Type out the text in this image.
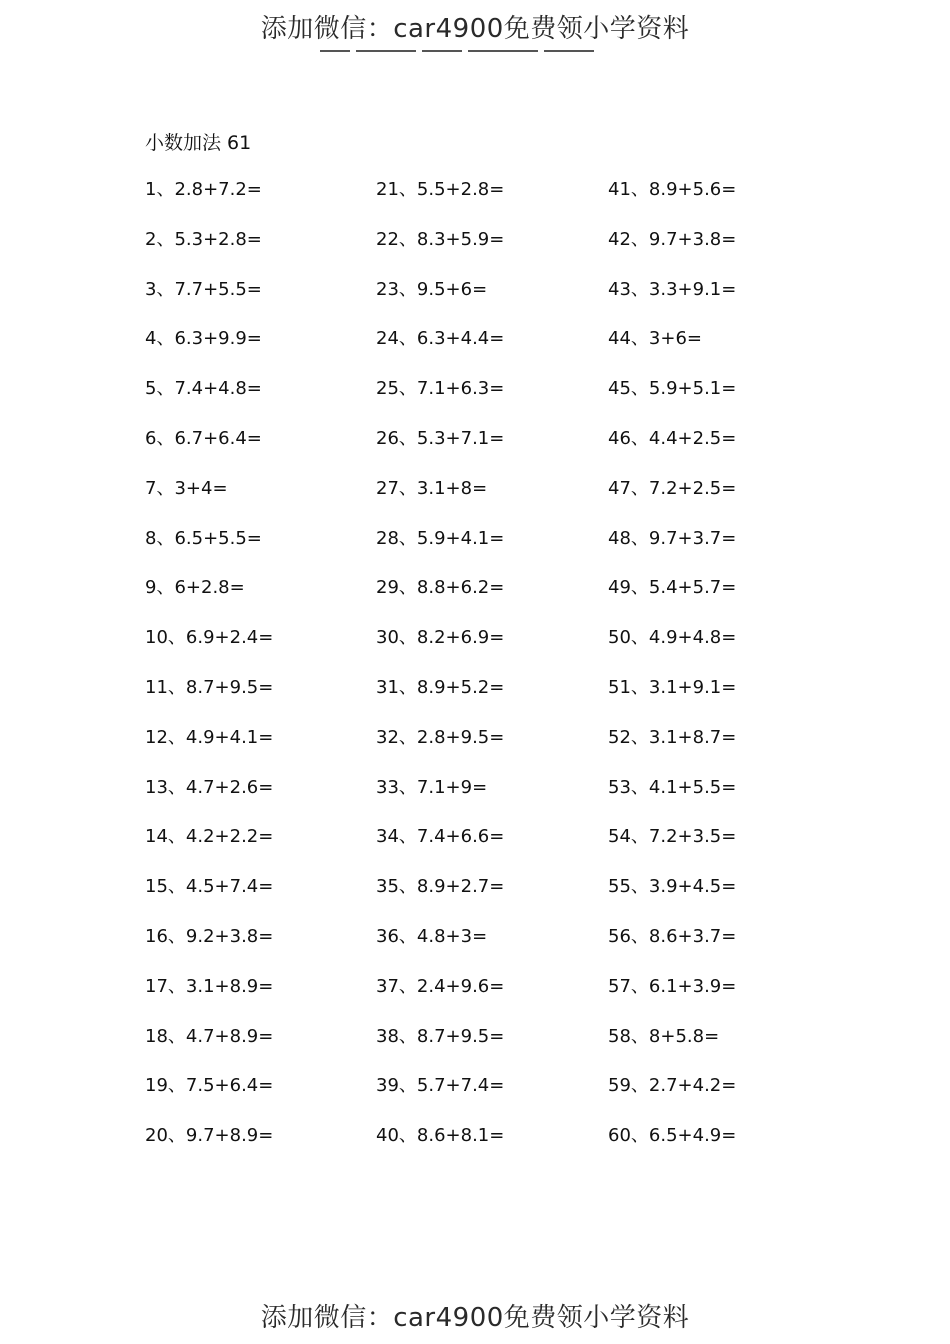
添加微信：car4900免费领小学资料
小数加法 61
1、2.8+7.2=
2、5.3+2.8=
3、7.7+5.5=
4、6.3+9.9=
5、7.4+4.8=
6、6.7+6.4=
7、3+4=
8、6.5+5.5=
9、6+2.8=
10、6.9+2.4=
11、8.7+9.5=
12、4.9+4.1=
13、4.7+2.6=
14、4.2+2.2=
15、4.5+7.4=
16、9.2+3.8=
17、3.1+8.9=
18、4.7+8.9=
19、7.5+6.4=
20、9.7+8.9=
21、5.5+2.8=
22、8.3+5.9=
23、9.5+6=
24、6.3+4.4=
25、7.1+6.3=
26、5.3+7.1=
27、3.1+8=
28、5.9+4.1=
29、8.8+6.2=
30、8.2+6.9=
31、8.9+5.2=
32、2.8+9.5=
33、7.1+9=
34、7.4+6.6=
35、8.9+2.7=
36、4.8+3=
37、2.4+9.6=
38、8.7+9.5=
39、5.7+7.4=
40、8.6+8.1=
41、8.9+5.6=
42、9.7+3.8=
43、3.3+9.1=
44、3+6=
45、5.9+5.1=
46、4.4+2.5=
47、7.2+2.5=
48、9.7+3.7=
49、5.4+5.7=
50、4.9+4.8=
51、3.1+9.1=
52、3.1+8.7=
53、4.1+5.5=
54、7.2+3.5=
55、3.9+4.5=
56、8.6+3.7=
57、6.1+3.9=
58、8+5.8=
59、2.7+4.2=
60、6.5+4.9=
添加微信：car4900免费领小学资料
